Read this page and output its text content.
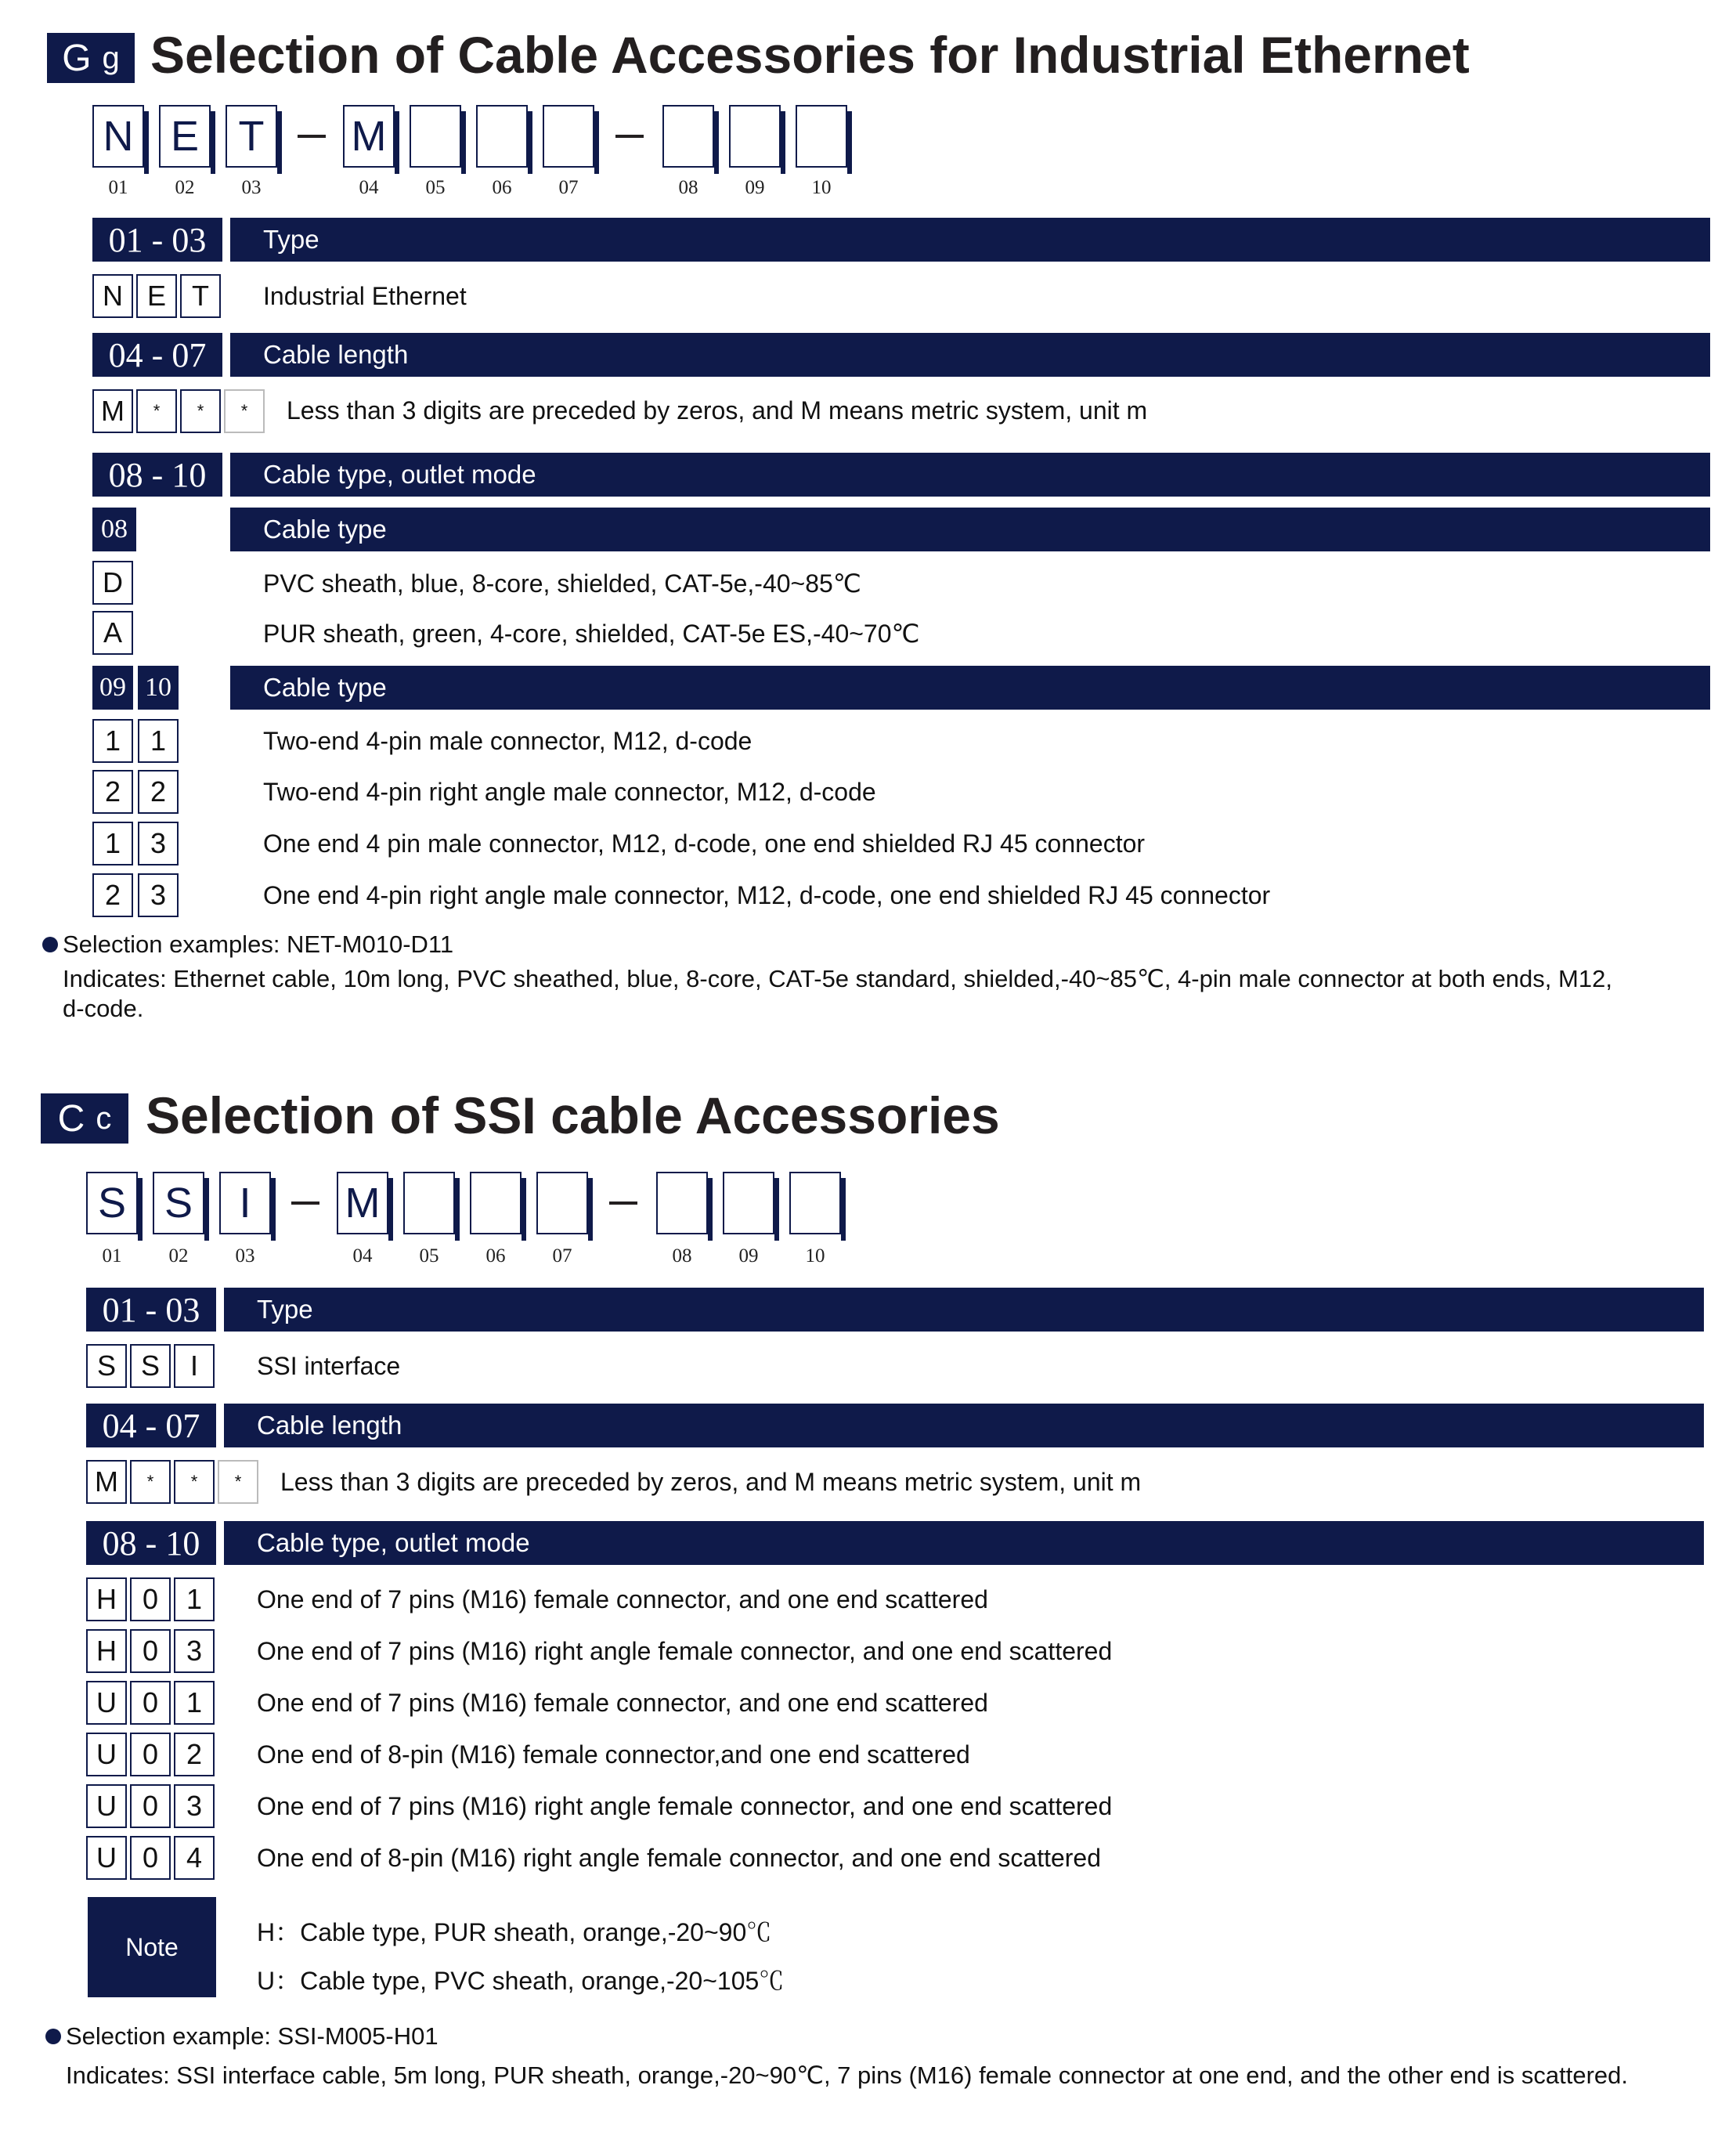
G g Selection of Cable Accessories for Industrial Ethernet
N E T	M
01	02	03	04	05	06	07	08	09	10
01 - 03	Type
N E T	Industrial Ethernet
04 - 07	Cable length
M	*	*	*	Less than 3 digits are preceded by zeros, and M means metric system, unit m
08 - 10	Cable type, outlet mode
08	Cable type
D	PVC sheath, blue, 8-core, shielded, CAT-5e,-40~85℃
A	PUR sheath, green, 4-core, shielded, CAT-5e ES,-40~70℃
09 10	Cable type
1	1	Two-end 4-pin male connector, M12, d-code
2	2	Two-end 4-pin right angle male connector, M12, d-code
1	3	One end 4 pin male connector, M12, d-code, one end shielded RJ 45 connector
2	3	One end 4-pin right angle male connector, M12, d-code, one end shielded RJ 45 connector
Selection examples: NET-M010-D11
Indicates: Ethernet cable, 10m long, PVC sheathed, blue, 8-core, CAT-5e standard, shielded,-40~85℃, 4-pin male connector at both ends, M12,
d-code.
C c Selection of SSI cable Accessories
S S	I	M
01	02	03	04	05	06	07	08	09	10
01 - 03	Type
S S	I	SSI interface
04 - 07	Cable length
M	*	*	*	Less than 3 digits are preceded by zeros, and M means metric system, unit m
08 - 10	Cable type, outlet mode
H 0 1	One end of 7 pins (M16) female connector, and one end scattered
H 0 3	One end of 7 pins (M16) right angle female connector, and one end scattered
U 0 1	One end of 7 pins (M16) female connector, and one end scattered
U 0 2	One end of 8-pin (M16) female connector,and one end scattered
U 0 3	One end of 7 pins (M16) right angle female connector, and one end scattered
U 0 4	One end of 8-pin (M16) right angle female connector, and one end scattered
Note
H：Cable type, PUR sheath, orange,-20~90℃
U：Cable type, PVC sheath, orange,-20~105℃
Selection example: SSI-M005-H01
Indicates: SSI interface cable, 5m long, PUR sheath, orange,-20~90℃, 7 pins (M16) female connector at one end, and the other end is scattered.
